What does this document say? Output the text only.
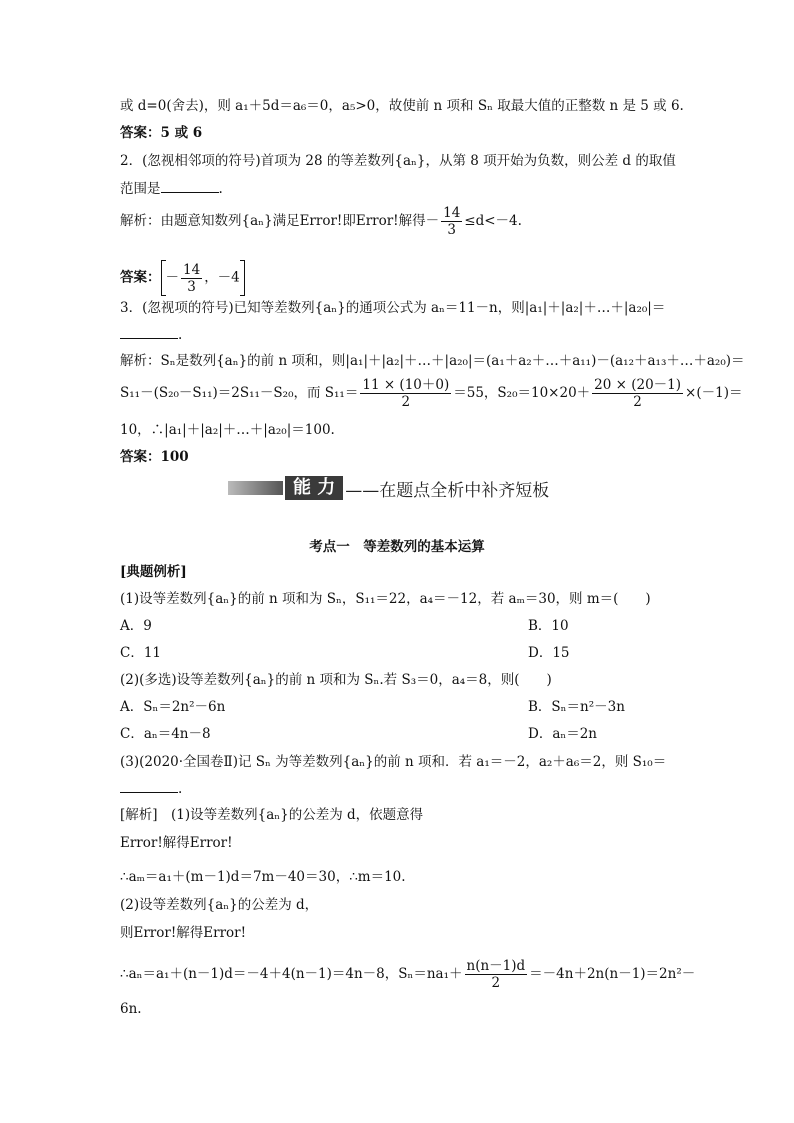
或 d=0(舍去)，则 a₁＋5d＝a₆＝0，a₅>0，故使前 n 项和 Sₙ 取最大值的正整数 n 是 5 或 6.
答案：5 或 6
2．(忽视相邻项的符号)首项为 28 的等差数列{aₙ}，从第 8 项开始为负数，则公差 d 的取值
范围是	.
解析：由题意知数列{aₙ}满足Error!即Error!解得－ $\frac{14}{3} \le d<-4$.
答案： － $\frac{14}{3}$ ，－4
3．(忽视项的符号)已知等差数列{aₙ}的通项公式为 aₙ＝11－n，则|a₁|＋|a₂|＋…＋|a₂₀|＝
.
解析：Sₙ是数列{aₙ}的前 n 项和，则|a₁|＋|a₂|＋…＋|a₂₀|＝(a₁＋a₂＋…＋a₁₁)－(a₁₂＋a₁₃＋…＋a₂₀)＝
S₁₁－(S₂₀－S₁₁)＝2S₁₁－S₂₀，而 $S_{11}= \frac{11 \times (10+0)}{2} =55$，$S_{20}=10\times 20+ \frac{20 \times (20-1)}{2} \times(-1)=$
10，∴|a₁|＋|a₂|＋…＋|a₂₀|＝100.
答案：100
能 力 ——在题点全析中补齐短板
考点一　等差数列的基本运算
[典题例析]
(1)设等差数列{aₙ}的前 n 项和为 Sₙ，S₁₁＝22，a₄＝－12，若 aₘ＝30，则 m＝(　　)
A．9	B．10
C．11	D．15
(2)(多选)设等差数列{aₙ}的前 n 项和为 Sₙ.若 S₃＝0，a₄＝8，则(　　)
A．Sₙ＝2n²－6n	B．Sₙ＝n²－3n
C．aₙ＝4n－8	D．aₙ＝2n
(3)(2020·全国卷Ⅱ)记 Sₙ 为等差数列{aₙ}的前 n 项和．若 a₁＝－2，a₂＋a₆＝2，则 S₁₀＝
.
[解析]　(1)设等差数列{aₙ}的公差为 d，依题意得
Error!解得Error!
∴aₘ＝a₁＋(m－1)d＝7m－40＝30，∴m＝10.
(2)设等差数列{aₙ}的公差为 d，
则Error!解得Error!
∴aₙ＝a₁＋(n－1)d＝－4＋4(n－1)＝4n－8，$S_n=na_1+ \frac{n(n-1)d}{2} =-4n+2n(n-1)=2n^2-$
6n.
